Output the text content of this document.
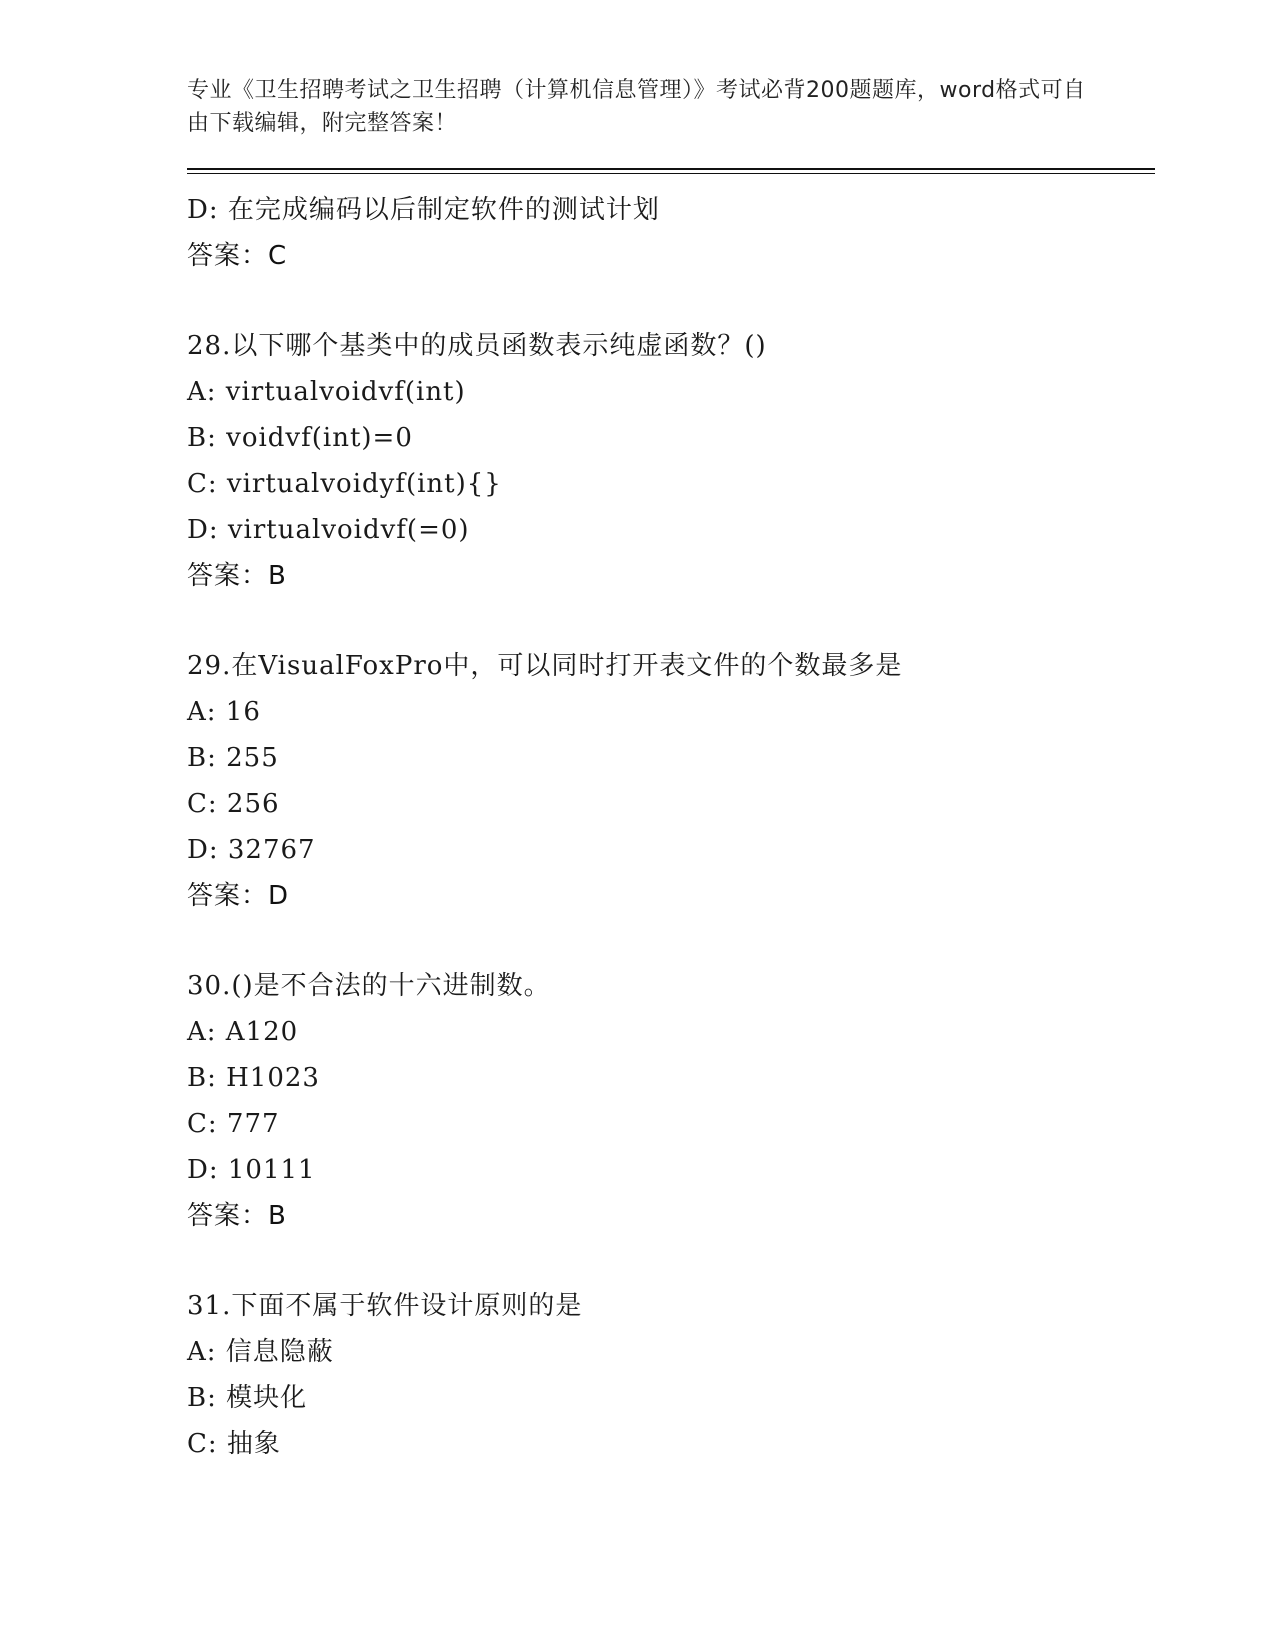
专业《卫生招聘考试之卫生招聘（计算机信息管理）》考试必背200题题库，word格式可自由下载编辑，附完整答案！

D: 在完成编码以后制定软件的测试计划
答案：C
28.以下哪个基类中的成员函数表示纯虚函数？()
A: virtualvoidvf(int)
B: voidvf(int)=0
C: virtualvoidyf(int){}
D: virtualvoidvf(=0)
答案：B
29.在VisualFoxPro中，可以同时打开表文件的个数最多是
A: 16
B: 255
C: 256
D: 32767
答案：D
30.()是不合法的十六进制数。
A: A120
B: H1023
C: 777
D: 10111
答案：B
31.下面不属于软件设计原则的是
A: 信息隐蔽
B: 模块化
C: 抽象
